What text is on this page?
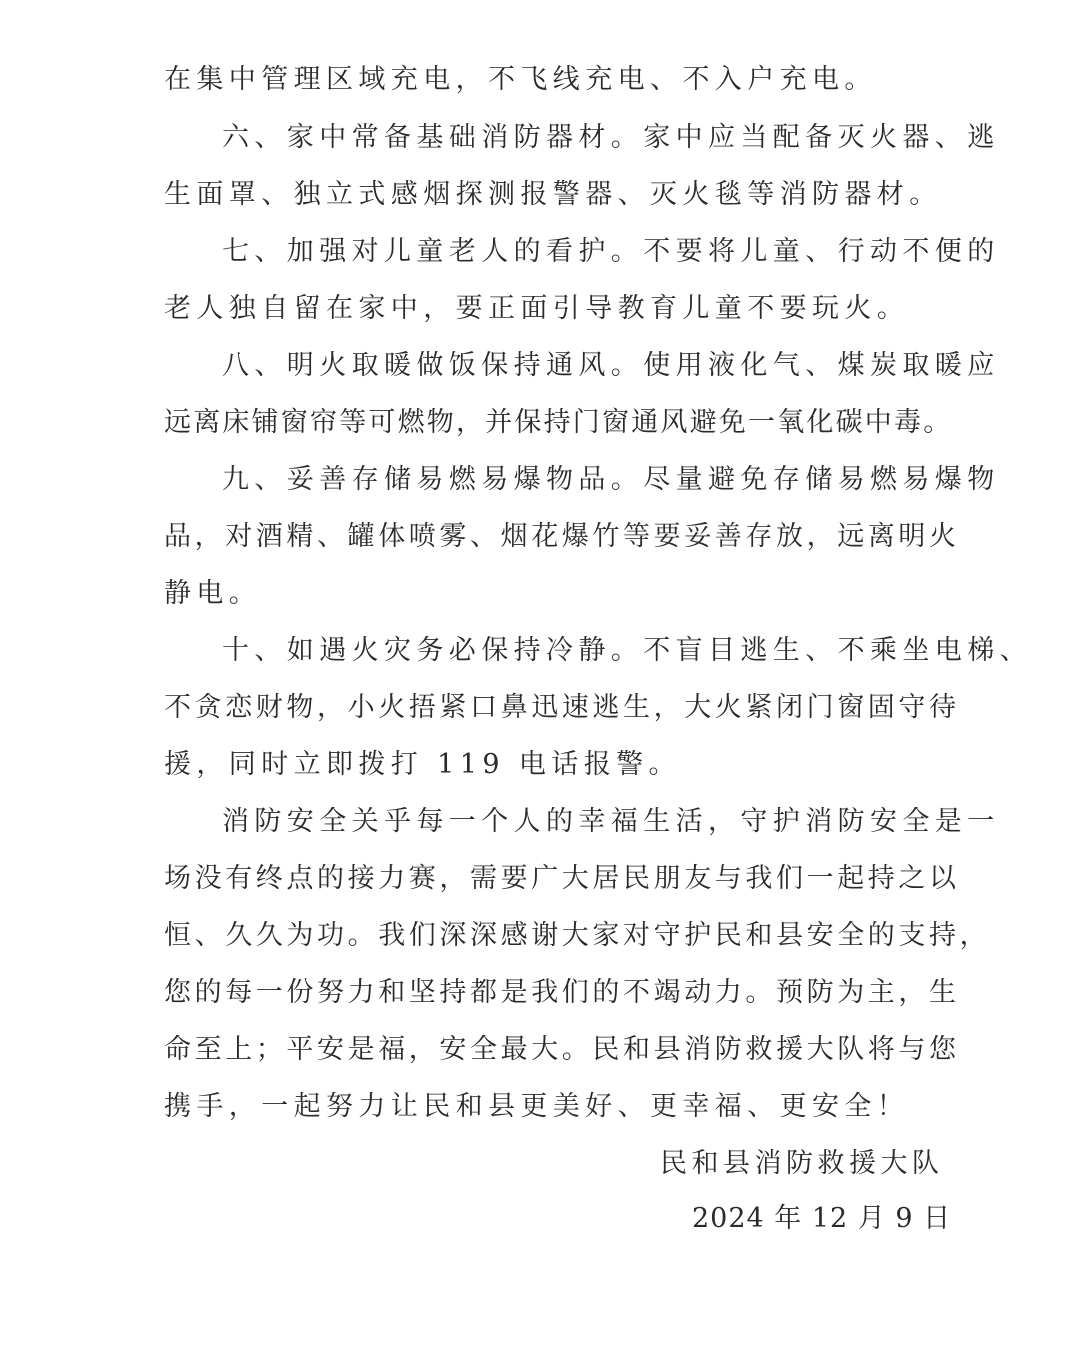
在集中管理区域充电，不飞线充电、不入户充电。
六、家中常备基础消防器材。家中应当配备灭火器、逃
生面罩、独立式感烟探测报警器、灭火毯等消防器材。
七、加强对儿童老人的看护。不要将儿童、行动不便的
老人独自留在家中，要正面引导教育儿童不要玩火。
八、明火取暖做饭保持通风。使用液化气、煤炭取暖应
远离床铺窗帘等可燃物，并保持门窗通风避免一氧化碳中毒。
九、妥善存储易燃易爆物品。尽量避免存储易燃易爆物
品，对酒精、罐体喷雾、烟花爆竹等要妥善存放，远离明火
静电。
十、如遇火灾务必保持冷静。不盲目逃生、不乘坐电梯、
不贪恋财物，小火捂紧口鼻迅速逃生，大火紧闭门窗固守待
援，同时立即拨打 119 电话报警。
消防安全关乎每一个人的幸福生活，守护消防安全是一
场没有终点的接力赛，需要广大居民朋友与我们一起持之以
恒、久久为功。我们深深感谢大家对守护民和县安全的支持，
您的每一份努力和坚持都是我们的不竭动力。预防为主，生
命至上；平安是福，安全最大。民和县消防救援大队将与您
携手，一起努力让民和县更美好、更幸福、更安全！
民和县消防救援大队
2024 年 12 月 9 日
